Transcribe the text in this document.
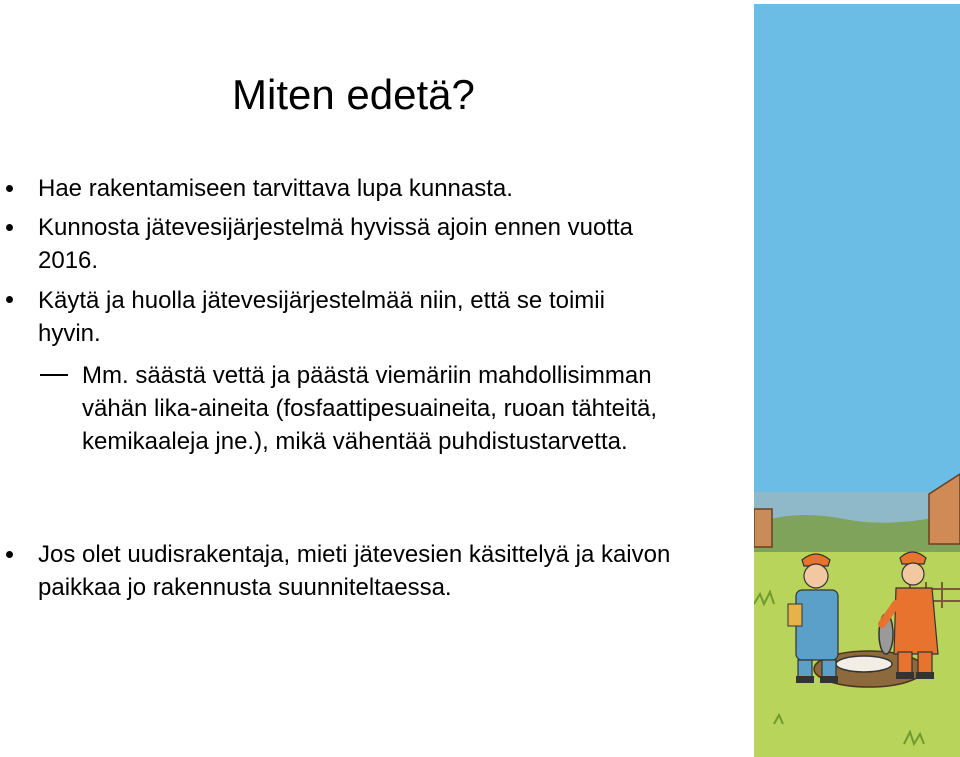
Miten edetä?
Hae rakentamiseen tarvittava lupa kunnasta.
Kunnosta jätevesijärjestelmä hyvissä ajoin ennen vuotta 2016.
Käytä ja huolla jätevesijärjestelmää niin, että se toimii hyvin.
Mm. säästä vettä ja päästä viemäriin mahdollisimman vähän lika-aineita (fosfaattipesuaineita, ruoan tähteitä, kemikaaleja jne.), mikä vähentää puhdistustarvetta.
Jos olet uudisrakentaja, mieti jätevesien käsittelyä ja kaivon paikkaa jo rakennusta suunniteltaessa.
